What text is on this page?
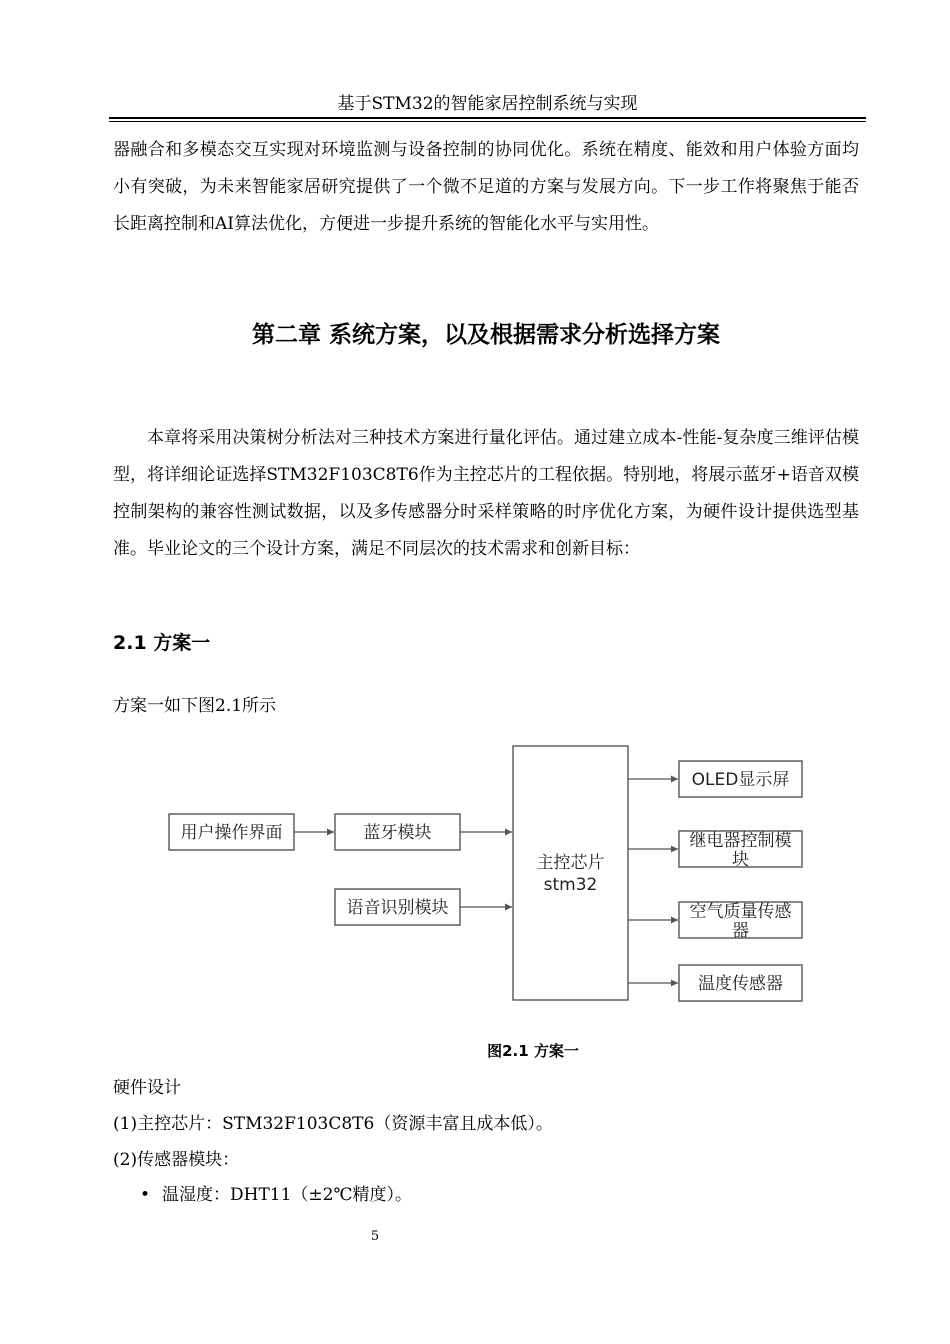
基于STM32的智能家居控制系统与实现

器融合和多模态交互实现对环境监测与设备控制的协同优化。系统在精度、能效和用户体验方面均小有突破，为未来智能家居研究提供了一个微不足道的方案与发展方向。下一步工作将聚焦于能否长距离控制和AI算法优化，方便进一步提升系统的智能化水平与实用性。

第二章 系统方案，以及根据需求分析选择方案

本章将采用决策树分析法对三种技术方案进行量化评估。通过建立成本-性能-复杂度三维评估模型，将详细论证选择STM32F103C8T6作为主控芯片的工程依据。特别地，将展示蓝牙+语音双模控制架构的兼容性测试数据，以及多传感器分时采样策略的时序优化方案，为硬件设计提供选型基准。毕业论文的三个设计方案，满足不同层次的技术需求和创新目标：

2.1 方案一
方案一如下图2.1所示
用户操作界面	蓝牙模块
语音识别模块
主控芯片
stm32
OLED显示屏
继电器控制模
块
空气质量传感
器
温度传感器
图2.1 方案一
硬件设计
(1)主控芯片：STM32F103C8T6（资源丰富且成本低）。
(2)传感器模块：
• 温湿度：DHT11（±2℃精度）。
5
